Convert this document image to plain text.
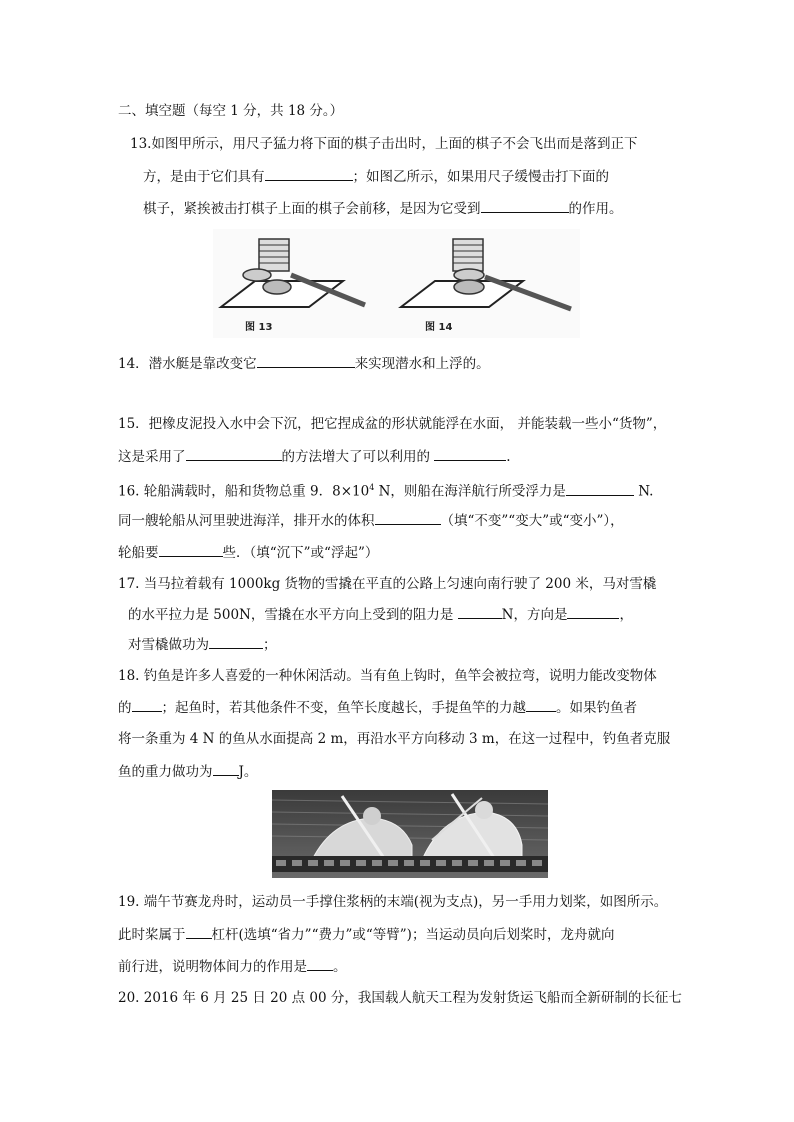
二、填空题（每空 1 分，共 18 分。）
13.如图甲所示，用尺子猛力将下面的棋子击出时，上面的棋子不会飞出而是落到正下
方，是由于它们具有	；如图乙所示，如果用尺子缓慢击打下面的
棋子，紧挨被击打棋子上面的棋子会前移，是因为它受到	的作用。
图 13	图 14
14．潜水艇是靠改变它	来实现潜水和上浮的。
15．把橡皮泥投入水中会下沉，把它捏成盆的形状就能浮在水面， 并能装载一些小“货物”，
这是采用了	的方法增大了可以利用的	.
16. 轮船满载时，船和货物总重 9．$8\times 10^4$ N，则船在海洋航行所受浮力是	N.
同一艘轮船从河里驶进海洋，排开水的体积	（填“不变”“变大”或“变小”），
轮船要	些．（填“沉下”或“浮起”）
17. 当马拉着载有 1000kg 货物的雪撬在平直的公路上匀速向南行驶了 200 米，马对雪橇
的水平拉力是 500N，雪撬在水平方向上受到的阻力是	N，方向是	，
对雪橇做功为	；
18. 钓鱼是许多人喜爱的一种休闲活动。当有鱼上钩时，鱼竿会被拉弯，说明力能改变物体
的 ；起鱼时，若其他条件不变，鱼竿长度越长，手提鱼竿的力越 。如果钓鱼者
将一条重为 4 N 的鱼从水面提高 2 m，再沿水平方向移动 3 m，在这一过程中，钓鱼者克服
鱼的重力做功为 J。
19. 端午节赛龙舟时，运动员一手撑住浆柄的末端(视为支点)，另一手用力划桨，如图所示。
此时桨属于 杠杆(选填“省力”“费力”或“等臂”)；当运动员向后划桨时，龙舟就向
前行进，说明物体间力的作用是 。
20. 2016 年 6 月 25 日 20 点 00 分，我国载人航天工程为发射货运飞船而全新研制的长征七
